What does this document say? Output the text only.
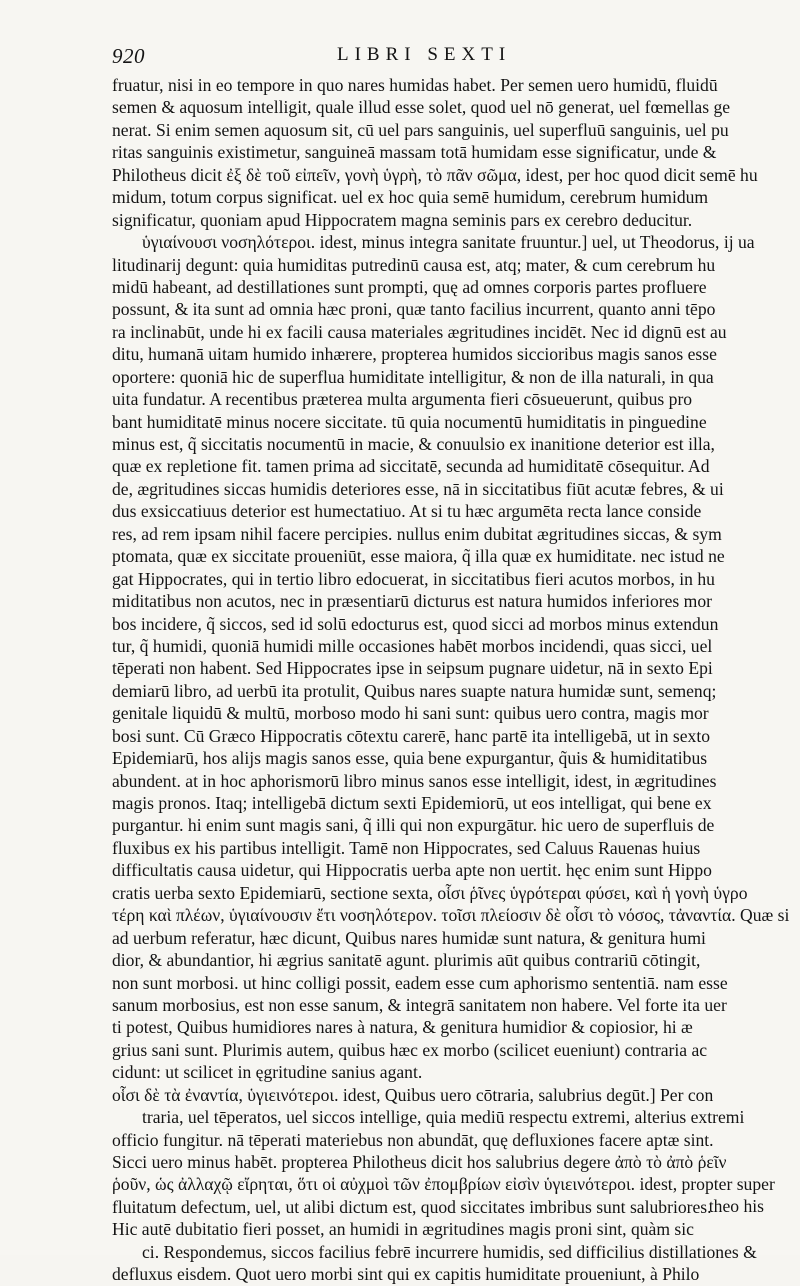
920	LIBRI SEXTI
fruatur, nisi in eo tempore in quo nares humidas habet. Per semen uero humidū, fluidū
semen & aquosum intelligit, quale illud esse solet, quod uel nō generat, uel fœmellas ge
nerat. Si enim semen aquosum sit, cū uel pars sanguinis, uel superfluū sanguinis, uel pu
ritas sanguinis existimetur, sanguineā massam totā humidam esse significatur, unde &
Philotheus dicit ἐξ δὲ τοῦ εἰπεῖν, γονὴ ὑγρὴ, τὸ πᾶν σῶμα, idest, per hoc quod dicit semē hu
midum, totum corpus significat. uel ex hoc quia semē humidum, cerebrum humidum
significatur, quoniam apud Hippocratem magna seminis pars ex cerebro deducitur.
ὑγιαίνουσι νοσηλότεροι. idest, minus integra sanitate fruuntur.] uel, ut Theodorus, ij ua
litudinarij degunt: quia humiditas putredinū causa est, atq; mater, & cum cerebrum hu
midū habeant, ad destillationes sunt prompti, quę ad omnes corporis partes profluere
possunt, & ita sunt ad omnia hæc proni, quæ tanto facilius incurrent, quanto anni tēpo
ra inclinabūt, unde hi ex facili causa materiales ægritudines incidēt. Nec id dignū est au
ditu, humanā uitam humido inhærere, propterea humidos siccioribus magis sanos esse
oportere: quoniā hic de superflua humiditate intelligitur, & non de illa naturali, in qua
uita fundatur. A recentibus præterea multa argumenta fieri cōsueuerunt, quibus pro
bant humiditatē minus nocere siccitate. tū quia nocumentū humiditatis in pinguedine
minus est, q̃ siccitatis nocumentū in macie, & conuulsio ex inanitione deterior est illa,
quæ ex repletione fit. tamen prima ad siccitatē, secunda ad humiditatē cōsequitur. Ad
de, ægritudines siccas humidis deteriores esse, nā in siccitatibus fiūt acutæ febres, & ui
dus exsiccatiuus deterior est humectatiuo. At si tu hæc argumēta recta lance conside
res, ad rem ipsam nihil facere percipies. nullus enim dubitat ægritudines siccas, & sym
ptomata, quæ ex siccitate proueniūt, esse maiora, q̃ illa quæ ex humiditate. nec istud ne
gat Hippocrates, qui in tertio libro edocuerat, in siccitatibus fieri acutos morbos, in hu
miditatibus non acutos, nec in præsentiarū dicturus est natura humidos inferiores mor
bos incidere, q̃ siccos, sed id solū edocturus est, quod sicci ad morbos minus extendun
tur, q̃ humidi, quoniā humidi mille occasiones habēt morbos incidendi, quas sicci, uel
tēperati non habent. Sed Hippocrates ipse in seipsum pugnare uidetur, nā in sexto Epi
demiarū libro, ad uerbū ita protulit, Quibus nares suapte natura humidæ sunt, semenq;
genitale liquidū & multū, morboso modo hi sani sunt: quibus uero contra, magis mor
bosi sunt. Cū Græco Hippocratis cōtextu carerē, hanc partē ita intelligebā, ut in sexto
Epidemiarū, hos alijs magis sanos esse, quia bene expurgantur, q̃uis & humiditatibus
abundent. at in hoc aphorismorū libro minus sanos esse intelligit, idest, in ægritudines
magis pronos. Itaq; intelligebā dictum sexti Epidemiorū, ut eos intelligat, qui bene ex
purgantur. hi enim sunt magis sani, q̃ illi qui non expurgātur. hic uero de superfluis de
fluxibus ex his partibus intelligit. Tamē non Hippocrates, sed Caluus Rauenas huius
difficultatis causa uidetur, qui Hippocratis uerba apte non uertit. hęc enim sunt Hippo
cratis uerba sexto Epidemiarū, sectione sexta, οἷσι ῥῖνες ὑγρότεραι φύσει, καὶ ἡ γονὴ ὑγρο
τέρη καὶ πλέων, ὑγιαίνουσιν ἔτι νοσηλότερον. τοῖσι πλείοσιν δὲ οἷσι τὸ νόσος, τἀναντία. Quæ si
ad uerbum referatur, hæc dicunt, Quibus nares humidæ sunt natura, & genitura humi
dior, & abundantior, hi ægrius sanitatē agunt. plurimis aūt quibus contrariū cōtingit,
non sunt morbosi. ut hinc colligi possit, eadem esse cum aphorismo sententiā. nam esse
sanum morbosius, est non esse sanum, & integrā sanitatem non habere. Vel forte ita uer
ti potest, Quibus humidiores nares à natura, & genitura humidior & copiosior, hi æ
grius sani sunt. Plurimis autem, quibus hæc ex morbo (scilicet eueniunt) contraria ac
cidunt: ut scilicet in ęgritudine sanius agant.
οἷσι δὲ τὰ ἐναντία, ὑγιεινότεροι. idest, Quibus uero cōtraria, salubrius degūt.] Per con
traria, uel tēperatos, uel siccos intellige, quia mediū respectu extremi, alterius extremi
officio fungitur. nā tēperati materiebus non abundāt, quę defluxiones facere aptæ sint.
Sicci uero minus habēt. propterea Philotheus dicit hos salubrius degere ἀπὸ τὸ ἀπὸ ῥεῖν
ῥοῦν, ὡς ἀλλαχῷ εἴρηται, ὅτι οἱ αὐχμοὶ τῶν ἐπομβρίων εἰσὶν ὑγιεινότεροι. idest, propter super
fluitatum defectum, uel, ut alibi dictum est, quod siccitates imbribus sunt salubriores.
Hic autē dubitatio fieri posset, an humidi in ægritudines magis proni sint, quàm sic
ci. Respondemus, siccos facilius febrē incurrere humidis, sed difficilius distillationes &
defluxus eisdem. Quot uero morbi sint qui ex capitis humiditate proueniunt, à Philo
theo his
